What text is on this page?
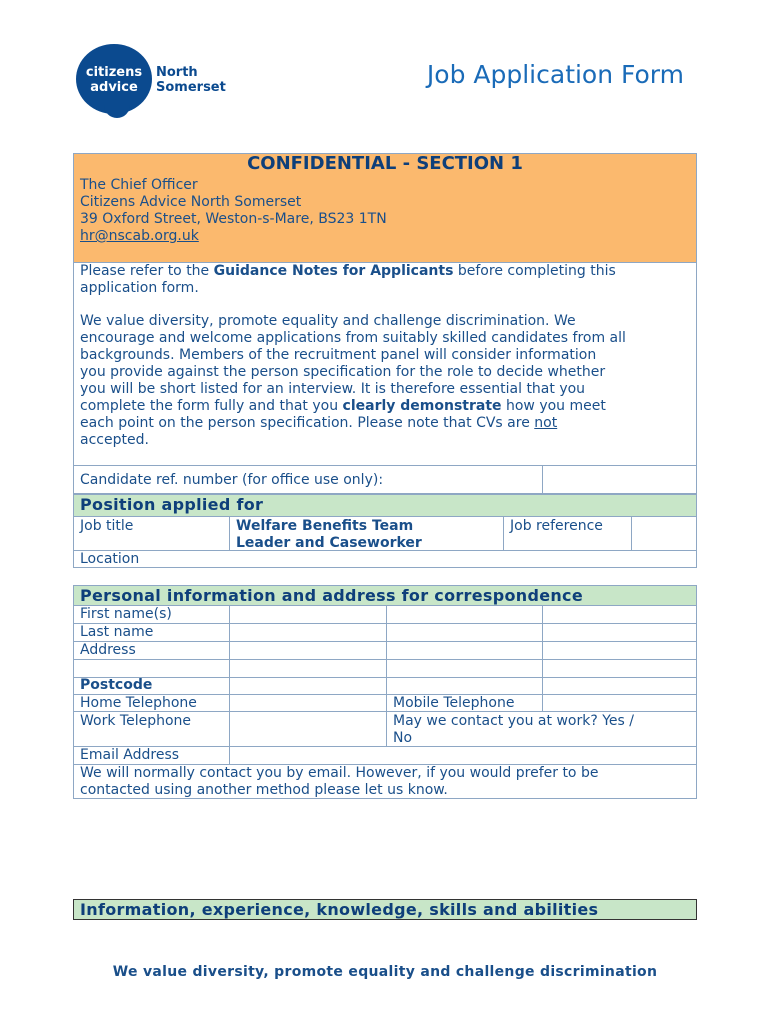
citizens
advice
North
Somerset	Job Application Form
CONFIDENTIAL - SECTION 1
The Chief Officer
Citizens Advice North Somerset
39 Oxford Street, Weston-s-Mare, BS23 1TN
hr@nscab.org.uk
Please refer to the Guidance Notes for Applicants before completing this
application form.
We value diversity, promote equality and challenge discrimination. We
encourage and welcome applications from suitably skilled candidates from all
backgrounds. Members of the recruitment panel will consider information
you provide against the person specification for the role to decide whether
you will be short listed for an interview. It is therefore essential that you
complete the form fully and that you clearly demonstrate how you meet
each point on the person specification. Please note that CVs are not
accepted.
Candidate ref. number (for office use only):
Position applied for
Job title	Welfare Benefits Team
Leader and Caseworker
Job reference
Location
Personal information and address for correspondence
First name(s)
Last name
Address
Postcode
Home Telephone	Mobile Telephone
Work Telephone	May we contact you at work? Yes /
No
Email Address
We will normally contact you by email. However, if you would prefer to be
contacted using another method please let us know.
Information, experience, knowledge, skills and abilities
We value diversity, promote equality and challenge discrimination
